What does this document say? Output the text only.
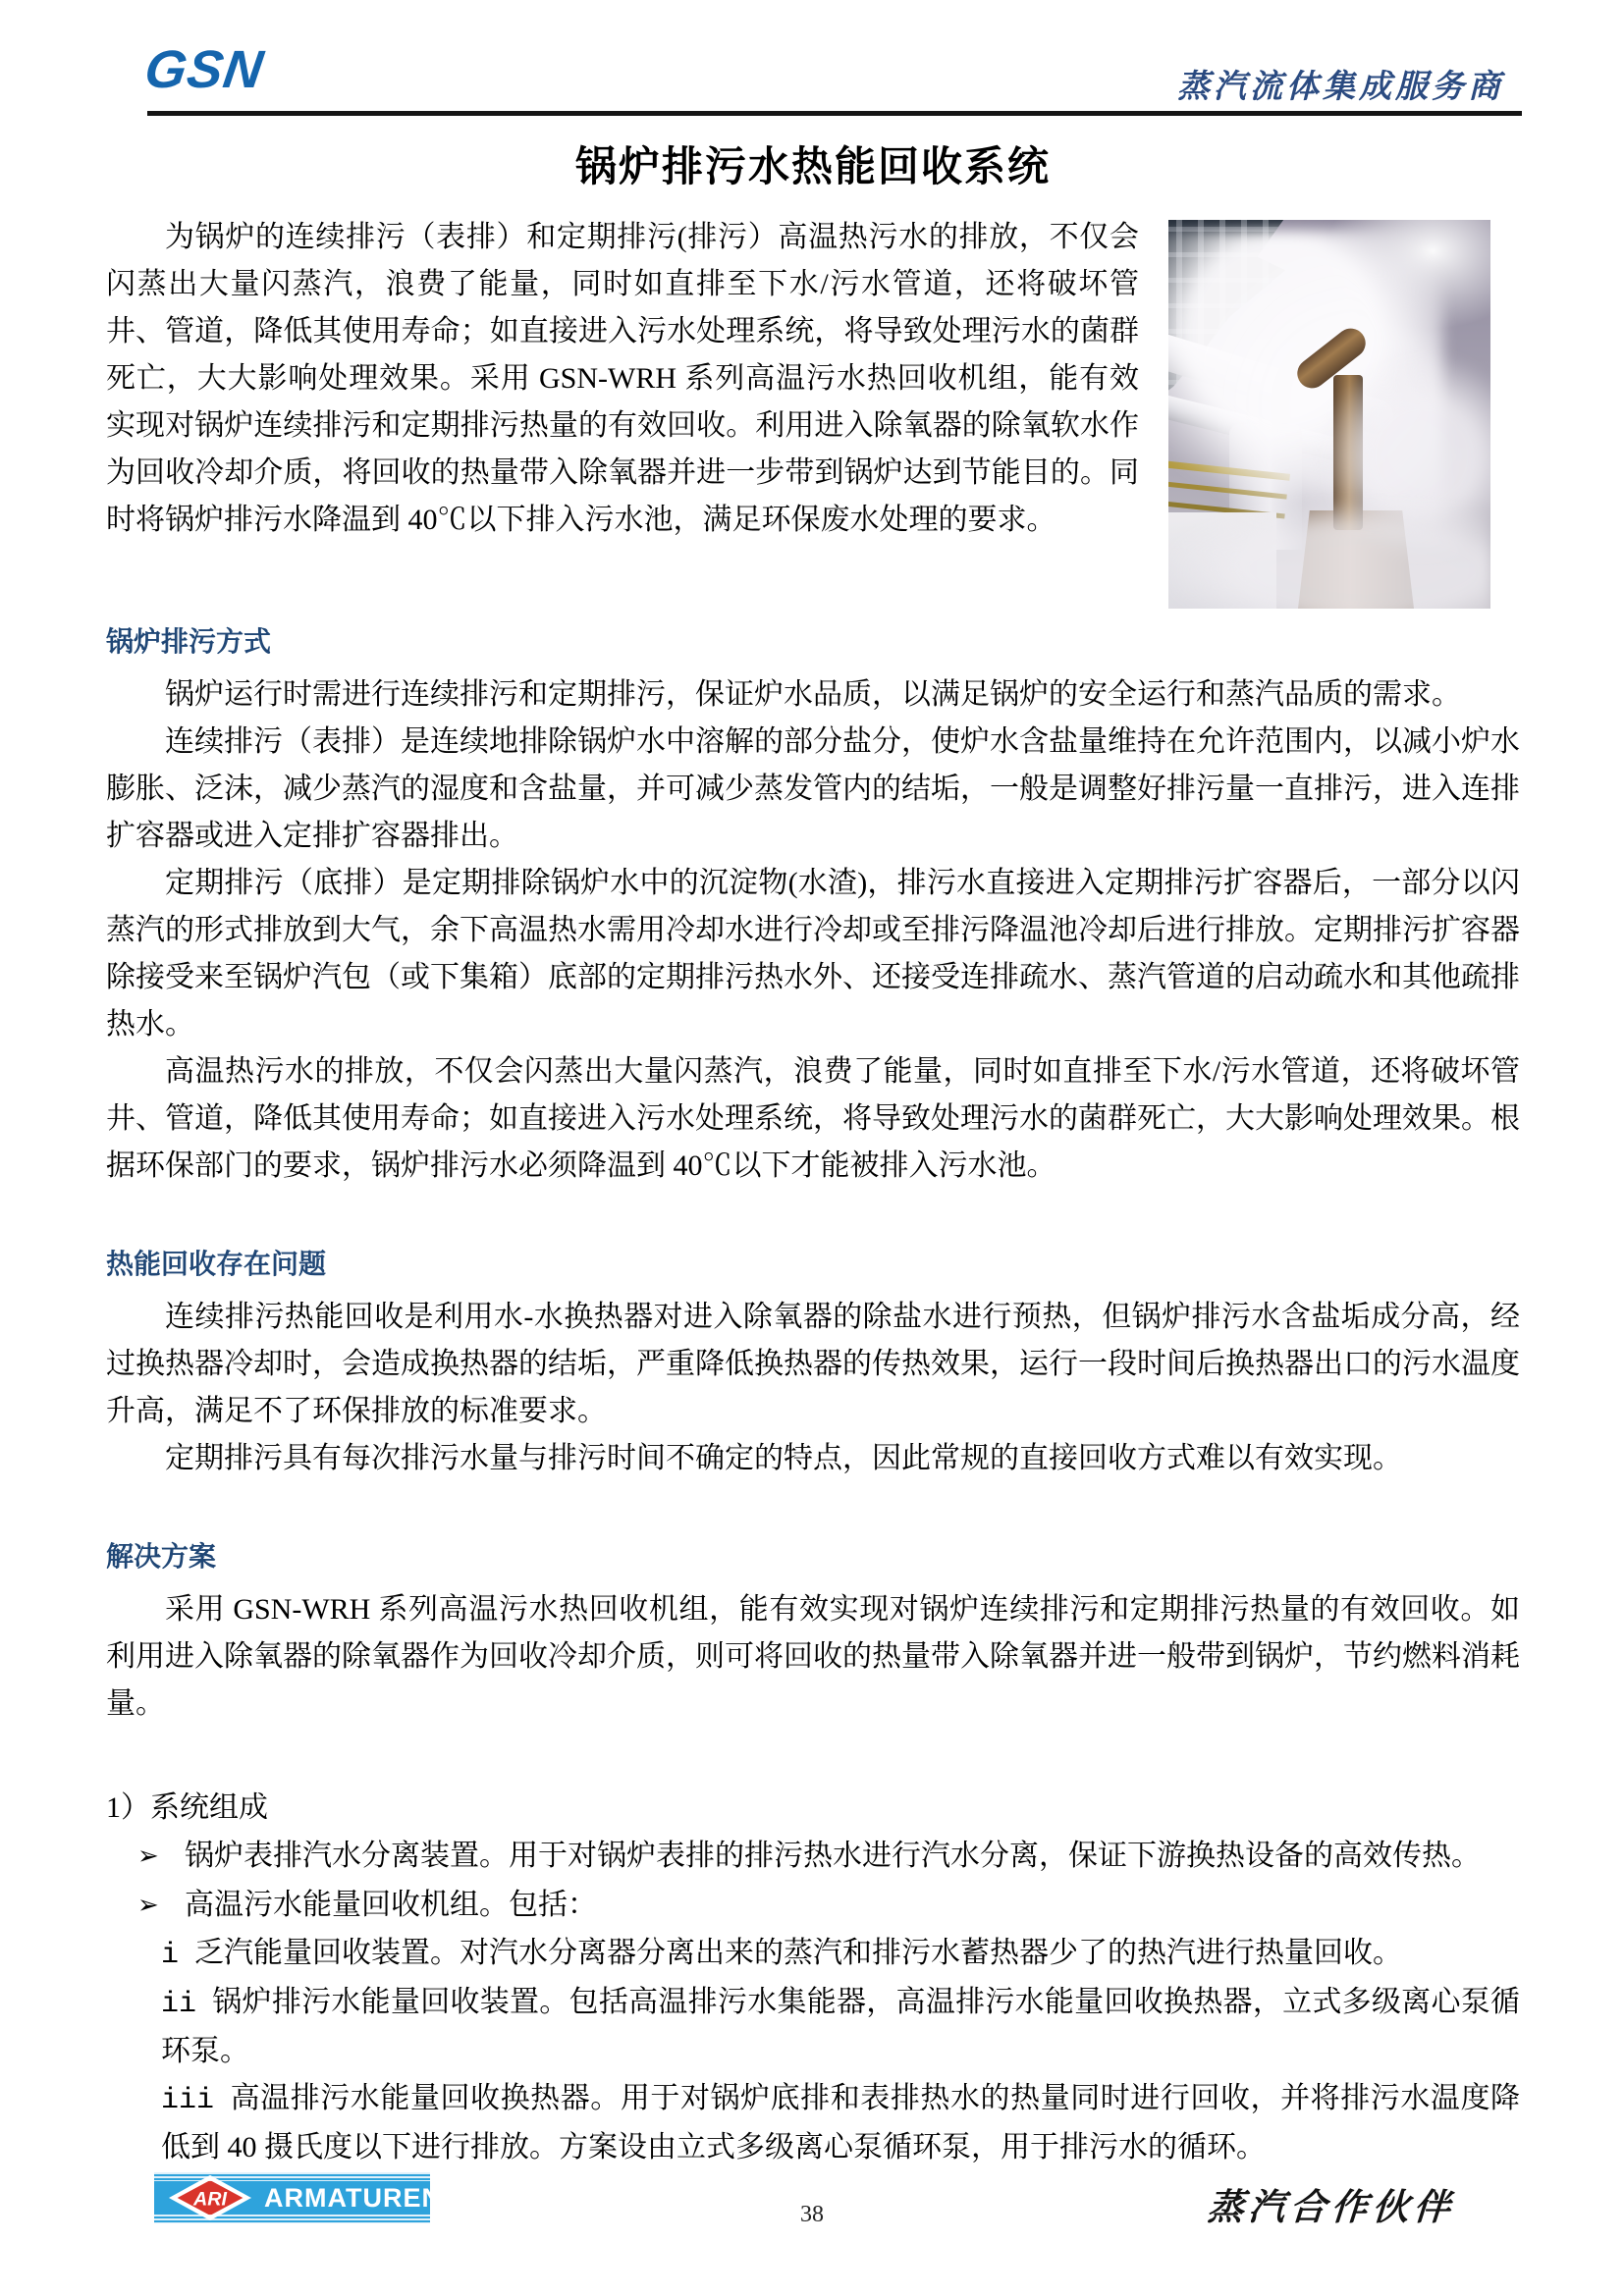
GSN	蒸汽流体集成服务商
锅炉排污水热能回收系统

为锅炉的连续排污（表排）和定期排污(排污）高温热污水的排放，不仅会闪蒸出大量闪蒸汽，浪费了能量，同时如直排至下水/污水管道，还将破坏管井、管道，降低其使用寿命；如直接进入污水处理系统，将导致处理污水的菌群死亡，大大影响处理效果。采用 GSN-WRH 系列高温污水热回收机组，能有效实现对锅炉连续排污和定期排污热量的有效回收。利用进入除氧器的除氧软水作为回收冷却介质，将回收的热量带入除氧器并进一步带到锅炉达到节能目的。同时将锅炉排污水降温到 40℃以下排入污水池，满足环保废水处理的要求。

锅炉排污方式

锅炉运行时需进行连续排污和定期排污，保证炉水品质，以满足锅炉的安全运行和蒸汽品质的需求。

连续排污（表排）是连续地排除锅炉水中溶解的部分盐分，使炉水含盐量维持在允许范围内，以减小炉水膨胀、泛沫，减少蒸汽的湿度和含盐量，并可减少蒸发管内的结垢，一般是调整好排污量一直排污，进入连排扩容器或进入定排扩容器排出。

定期排污（底排）是定期排除锅炉水中的沉淀物(水渣)，排污水直接进入定期排污扩容器后，一部分以闪蒸汽的形式排放到大气，余下高温热水需用冷却水进行冷却或至排污降温池冷却后进行排放。定期排污扩容器除接受来至锅炉汽包（或下集箱）底部的定期排污热水外、还接受连排疏水、蒸汽管道的启动疏水和其他疏排热水。

高温热污水的排放，不仅会闪蒸出大量闪蒸汽，浪费了能量，同时如直排至下水/污水管道，还将破坏管井、管道，降低其使用寿命；如直接进入污水处理系统，将导致处理污水的菌群死亡，大大影响处理效果。根据环保部门的要求，锅炉排污水必须降温到 40℃以下才能被排入污水池。

热能回收存在问题

连续排污热能回收是利用水-水换热器对进入除氧器的除盐水进行预热，但锅炉排污水含盐垢成分高，经过换热器冷却时，会造成换热器的结垢，严重降低换热器的传热效果，运行一段时间后换热器出口的污水温度升高，满足不了环保排放的标准要求。

定期排污具有每次排污水量与排污时间不确定的特点，因此常规的直接回收方式难以有效实现。

解决方案

采用 GSN-WRH 系列高温污水热回收机组，能有效实现对锅炉连续排污和定期排污热量的有效回收。如利用进入除氧器的除氧器作为回收冷却介质，则可将回收的热量带入除氧器并进一般带到锅炉，节约燃料消耗量。

1）系统组成

➢ 锅炉表排汽水分离装置。用于对锅炉表排的排污热水进行汽水分离，保证下游换热设备的高效传热。
➢ 高温污水能量回收机组。包括：

i 乏汽能量回收装置。对汽水分离器分离出来的蒸汽和排污水蓄热器少了的热汽进行热量回收。

ii 锅炉排污水能量回收装置。包括高温排污水集能器，高温排污水能量回收换热器，立式多级离心泵循环泵。

iii 高温排污水能量回收换热器。用于对锅炉底排和表排热水的热量同时进行回收，并将排污水温度降低到 40 摄氏度以下进行排放。方案设由立式多级离心泵循环泵，用于排污水的循环。

ARI ARMATUREN
38	蒸汽合作伙伴
